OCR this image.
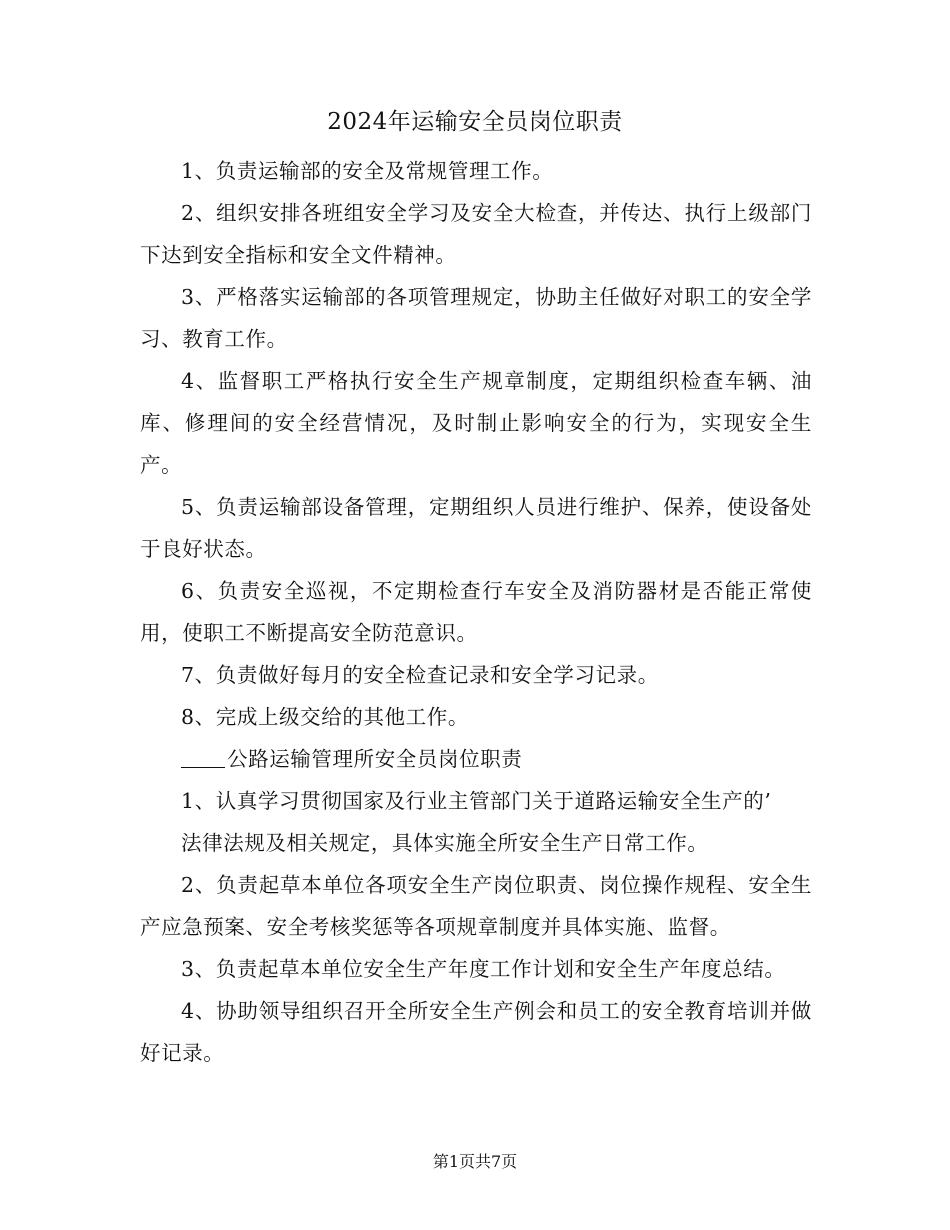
2024年运输安全员岗位职责

1、负责运输部的安全及常规管理工作。

2、组织安排各班组安全学习及安全大检查，并传达、执行上级部门下达到安全指标和安全文件精神。

3、严格落实运输部的各项管理规定，协助主任做好对职工的安全学习、教育工作。

4、监督职工严格执行安全生产规章制度，定期组织检查车辆、油库、修理间的安全经营情况，及时制止影响安全的行为，实现安全生产。

5、负责运输部设备管理，定期组织人员进行维护、保养，使设备处于良好状态。

6、负责安全巡视，不定期检查行车安全及消防器材是否能正常使用，使职工不断提高安全防范意识。

7、负责做好每月的安全检查记录和安全学习记录。

8、完成上级交给的其他工作。

公路运输管理所安全员岗位职责

1、认真学习贯彻国家及行业主管部门关于道路运输安全生产的’

法律法规及相关规定，具体实施全所安全生产日常工作。

2、负责起草本单位各项安全生产岗位职责、岗位操作规程、安全生产应急预案、安全考核奖惩等各项规章制度并具体实施、监督。

3、负责起草本单位安全生产年度工作计划和安全生产年度总结。

4、协助领导组织召开全所安全生产例会和员工的安全教育培训并做好记录。

第1页共7页
